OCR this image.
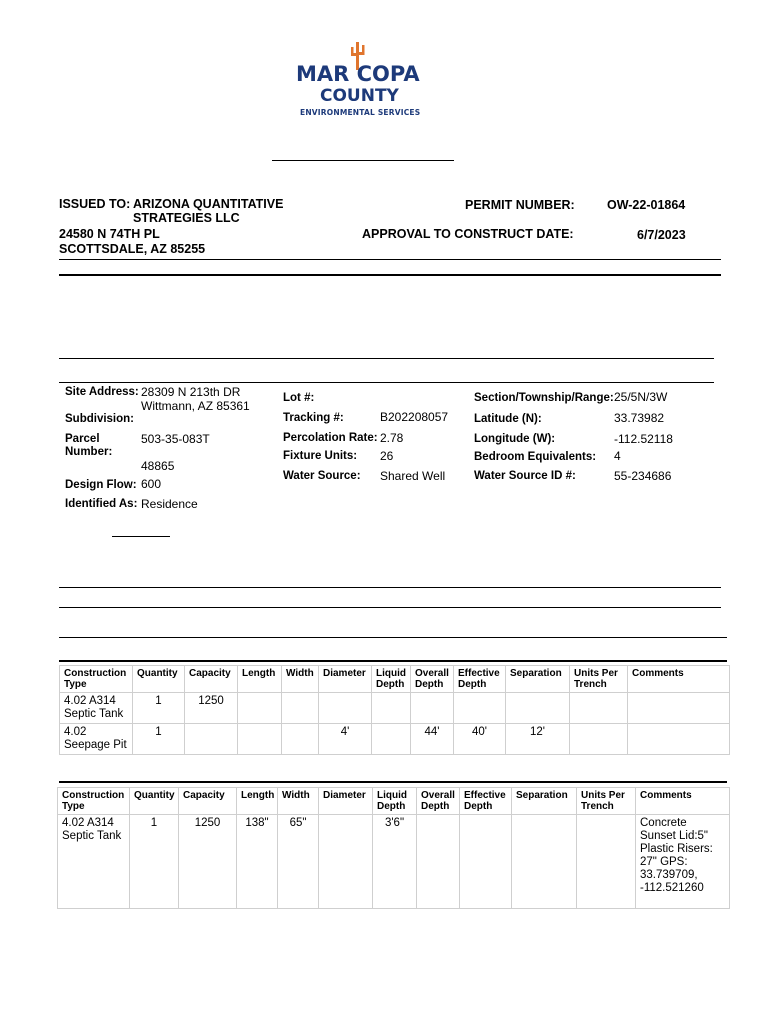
MAR COPA
COUNTY
ENVIRONMENTAL SERVICES
ISSUED TO: ARIZONA QUANTITATIVE
STRATEGIES LLC
24580 N 74TH PL
SCOTTSDALE, AZ 85255
PERMIT NUMBER:	OW-22-01864
APPROVAL TO CONSTRUCT DATE:	6/7/2023
Site Address: 28309 N 213th DR
Wittmann, AZ 85361
Subdivision:
Parcel
Number:
503-35-083T
48865
Design Flow: 600
Identified As: Residence
Lot #:
Tracking #:	B202208057
Percolation Rate: 2.78
Fixture Units: 26
Water Source: Shared Well
Section/Township/Range: 25/5N/3W
Latitude (N):	33.73982
Longitude (W):	-112.52118
Bedroom Equivalents: 4
Water Source ID #:	55-234686
Construction Type	Quantity	Capacity	Length	Width	Diameter	Liquid Depth	Overall Depth	Effective Depth	Separation	Units Per Trench	Comments
4.02 A314 Septic Tank	1	1250									
4.02 Seepage Pit	1				4'		44'	40'	12'		
Construction Type	Quantity	Capacity	Length	Width	Diameter	Liquid Depth	Overall Depth	Effective Depth	Separation	Units Per Trench	Comments
4.02 A314 Septic Tank	1	1250	138"	65"		3'6"					Concrete Sunset Lid:5" Plastic Risers: 27" GPS: 33.739709, -112.521260
